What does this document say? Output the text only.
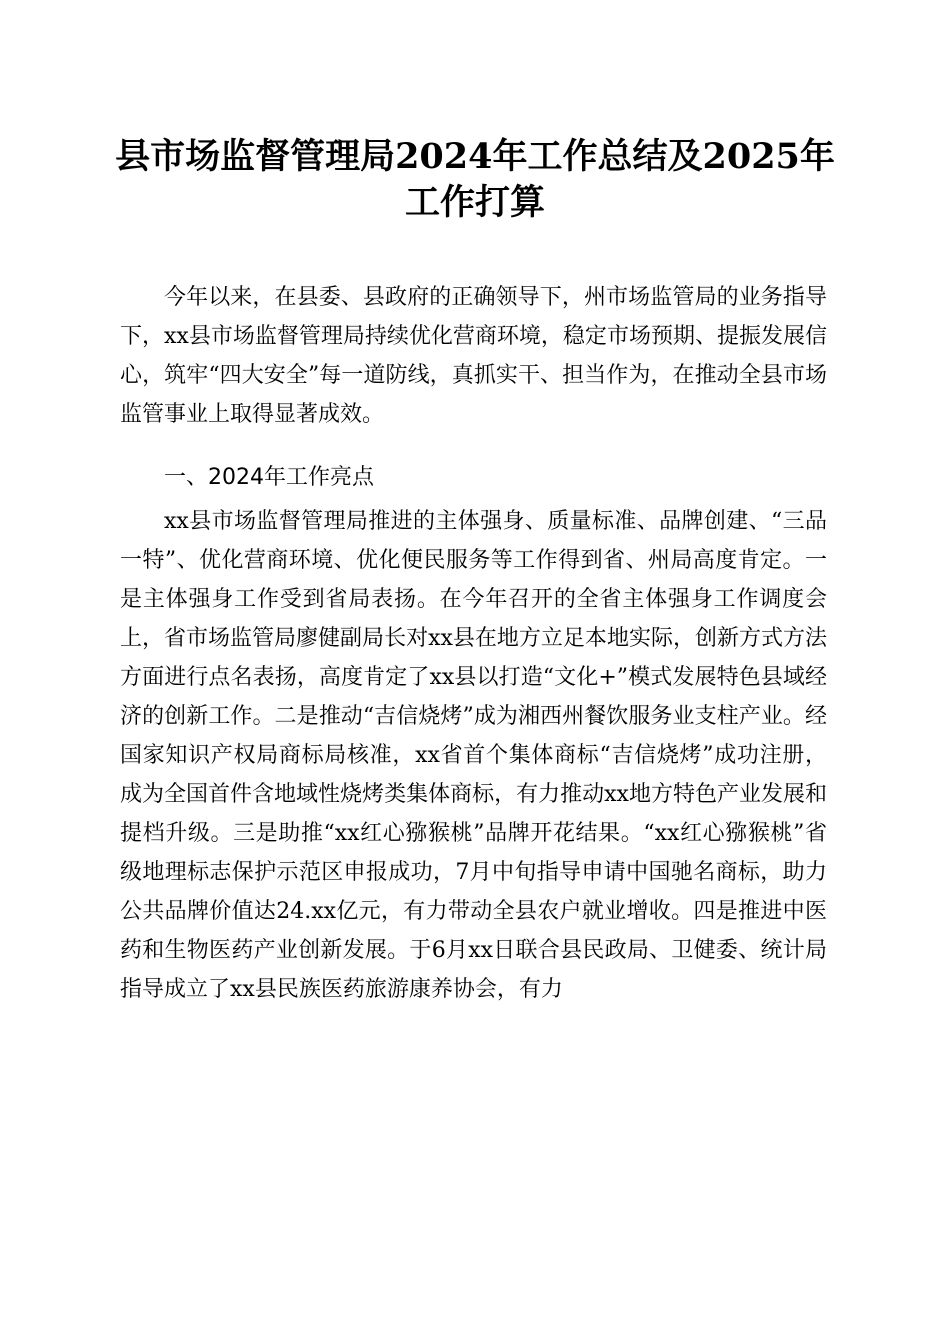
县市场监督管理局2024年工作总结及2025年
工作打算

今年以来，在县委、县政府的正确领导下，州市场监管局的业务指导下，xx县市场监督管理局持续优化营商环境，稳定市场预期、提振发展信心，筑牢“四大安全”每一道防线，真抓实干、担当作为，在推动全县市场监管事业上取得显著成效。

一、2024年工作亮点

xx县市场监督管理局推进的主体强身、质量标准、品牌创建、“三品一特”、优化营商环境、优化便民服务等工作得到省、州局高度肯定。一是主体强身工作受到省局表扬。在今年召开的全省主体强身工作调度会上，省市场监管局廖健副局长对xx县在地方立足本地实际，创新方式方法方面进行点名表扬，高度肯定了xx县以打造“文化+”模式发展特色县域经济的创新工作。二是推动“吉信烧烤”成为湘西州餐饮服务业支柱产业。经国家知识产权局商标局核准，xx省首个集体商标“吉信烧烤”成功注册，成为全国首件含地域性烧烤类集体商标，有力推动xx地方特色产业发展和提档升级。三是助推“xx红心猕猴桃”品牌开花结果。“xx红心猕猴桃”省级地理标志保护示范区申报成功，7月中旬指导申请中国驰名商标，助力公共品牌价值达24.xx亿元，有力带动全县农户就业增收。四是推进中医药和生物医药产业创新发展。于6月xx日联合县民政局、卫健委、统计局指导成立了xx县民族医药旅游康养协会，有力
